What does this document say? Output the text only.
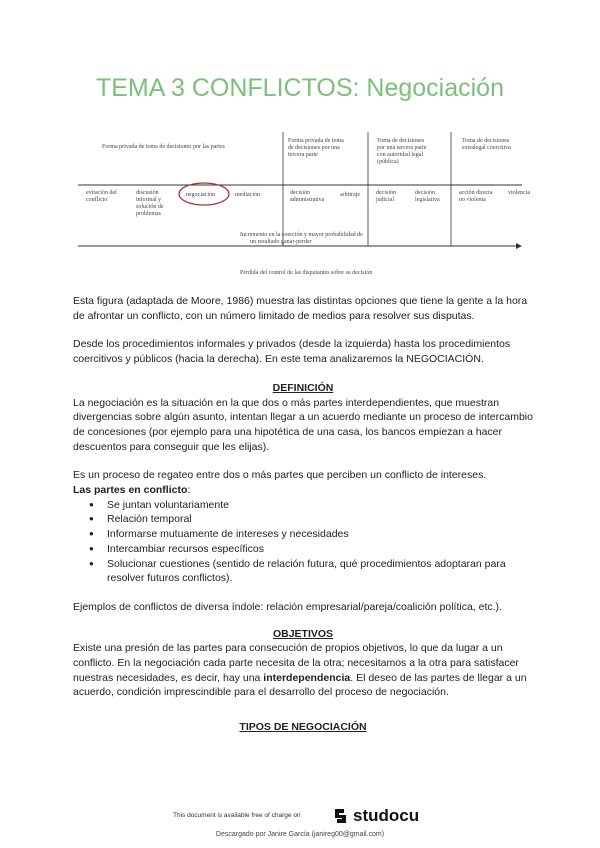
TEMA 3 CONFLICTOS: Negociación
Forma privada de toma de decisiones por las partes
Forma privada de toma de decisiones por una tercera parte
Toma de decisiones por una tercera parte con autoridad legal (pública)
Toma de decisiones extralegal coercitiva
evitación del conflicto
discusión informal y solución de problemas
negociación	mediación	decisión administrativa
arbitraje	decisión judicial
decisión legislativa
acción directa no violenta
violencia
Incremento en la coerción y mayor probabilidad de un resultado ganar-perder
Pérdida del control de las disputantes sobre su decisión

Esta figura (adaptada de Moore, 1986) muestra las distintas opciones que tiene la gente a la hora de afrontar un conflicto, con un número limitado de medios para resolver sus disputas.

Desde los procedimientos informales y privados (desde la izquierda) hasta los procedimientos coercitivos y públicos (hacia la derecha). En este tema analizaremos la NEGOCIACIÓN.

DEFINICIÓN

La negociación es la situación en la que dos o más partes interdependientes, que muestran divergencias sobre algún asunto, intentan llegar a un acuerdo mediante un proceso de intercambio de concesiones (por ejemplo para una hipotética de una casa, los bancos empiezan a hacer descuentos para conseguir que les elijas).

Es un proceso de regateo entre dos o más partes que perciben un conflicto de intereses.

Las partes en conflicto:

● Se juntan voluntariamente
● Relación temporal
● Informarse mutuamente de intereses y necesidades
● Intercambiar recursos específicos
● Solucionar cuestiones (sentido de relación futura, qué procedimientos adoptaran para resolver futuros conflictos).

Ejemplos de conflictos de diversa índole: relación empresarial/pareja/coalición política, etc.).

OBJETIVOS

Existe una presión de las partes para consecución de propios objetivos, lo que da lugar a un conflicto. En la negociación cada parte necesita de la otra; necesitamos a la otra para satisfacer nuestras necesidades, es decir, hay una interdependencia. El deseo de las partes de llegar a un acuerdo, condición imprescindible para el desarrollo del proceso de negociación.

TIPOS DE NEGOCIACIÓN

This document is available free of charge on	studocu
Descargado por Janire García (janireg00@gmail.com)
